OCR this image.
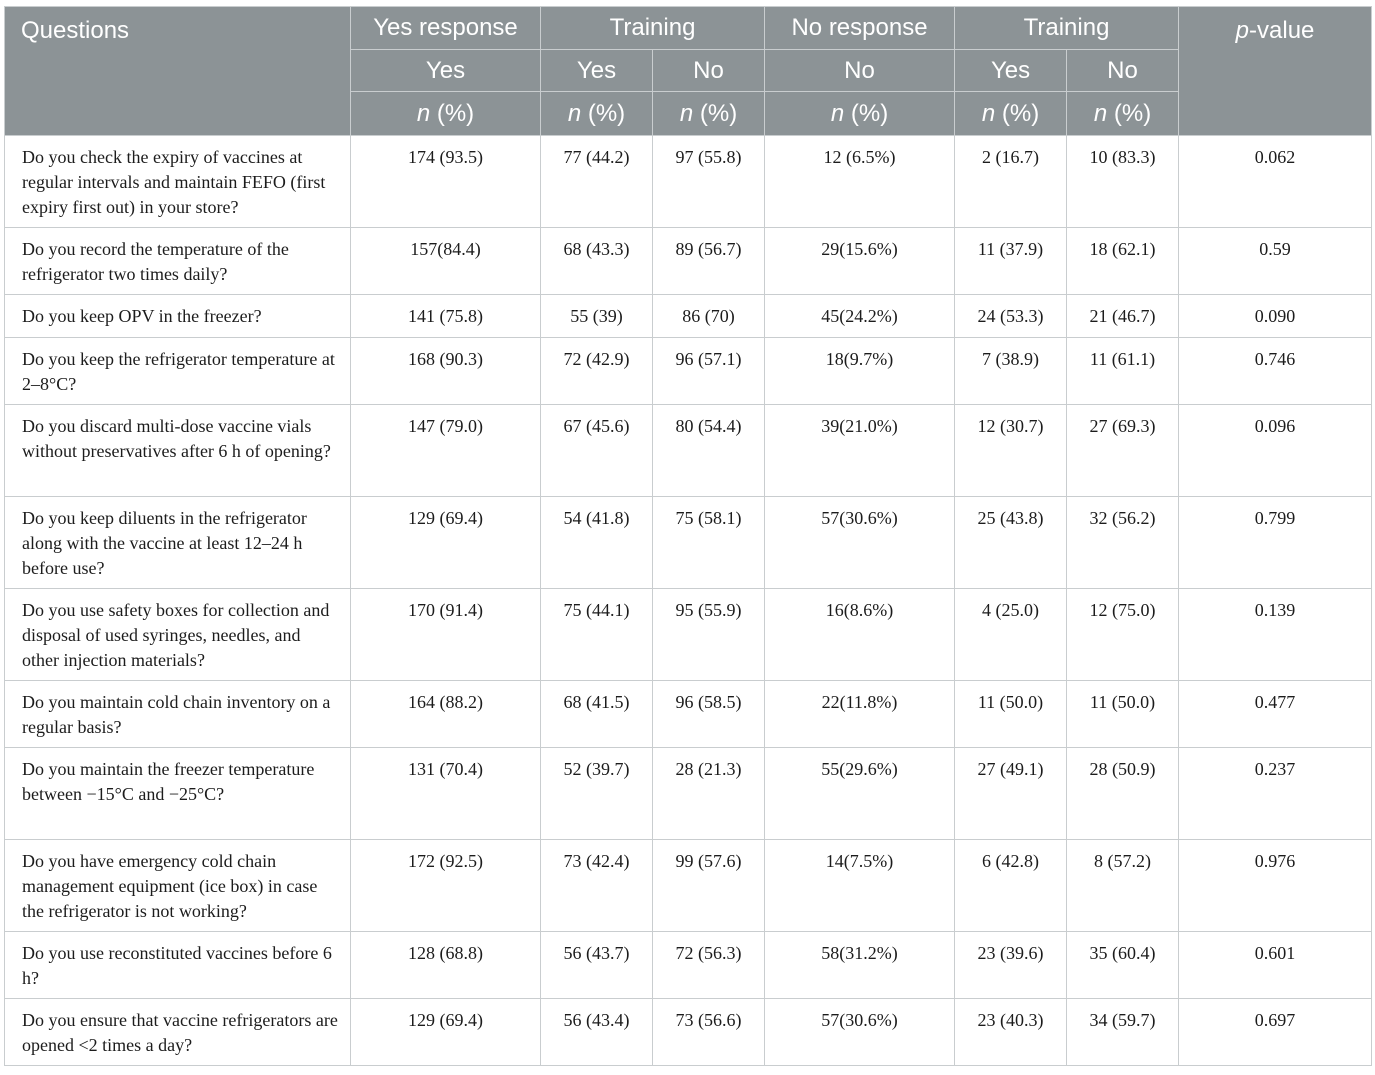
Questions	Yes response	Training		No response	Training		p-value
	Yes	Yes	No	No	Yes	No	
	n (%)	n (%)	n (%)	n (%)	n (%)	n (%)	
Do you check the expiry of vaccines at regular intervals and maintain FEFO (first expiry first out) in your store?	174 (93.5)	77 (44.2)	97 (55.8)	12 (6.5%)	2 (16.7)	10 (83.3)	0.062
Do you record the temperature of the refrigerator two times daily?	157(84.4)	68 (43.3)	89 (56.7)	29(15.6%)	11 (37.9)	18 (62.1)	0.59
Do you keep OPV in the freezer?	141 (75.8)	55 (39)	86 (70)	45(24.2%)	24 (53.3)	21 (46.7)	0.090
Do you keep the refrigerator temperature at 2–8°C?	168 (90.3)	72 (42.9)	96 (57.1)	18(9.7%)	7 (38.9)	11 (61.1)	0.746
Do you discard multi-dose vaccine vials without preservatives after 6 h of opening?	147 (79.0)	67 (45.6)	80 (54.4)	39(21.0%)	12 (30.7)	27 (69.3)	0.096
Do you keep diluents in the refrigerator along with the vaccine at least 12–24 h before use?	129 (69.4)	54 (41.8)	75 (58.1)	57(30.6%)	25 (43.8)	32 (56.2)	0.799
Do you use safety boxes for collection and disposal of used syringes, needles, and other injection materials?	170 (91.4)	75 (44.1)	95 (55.9)	16(8.6%)	4 (25.0)	12 (75.0)	0.139
Do you maintain cold chain inventory on a regular basis?	164 (88.2)	68 (41.5)	96 (58.5)	22(11.8%)	11 (50.0)	11 (50.0)	0.477
Do you maintain the freezer temperature between −15°C and −25°C?	131 (70.4)	52 (39.7)	28 (21.3)	55(29.6%)	27 (49.1)	28 (50.9)	0.237
Do you have emergency cold chain management equipment (ice box) in case the refrigerator is not working?	172 (92.5)	73 (42.4)	99 (57.6)	14(7.5%)	6 (42.8)	8 (57.2)	0.976
Do you use reconstituted vaccines before 6 h?	128 (68.8)	56 (43.7)	72 (56.3)	58(31.2%)	23 (39.6)	35 (60.4)	0.601
Do you ensure that vaccine refrigerators are opened <2 times a day?	129 (69.4)	56 (43.4)	73 (56.6)	57(30.6%)	23 (40.3)	34 (59.7)	0.697
